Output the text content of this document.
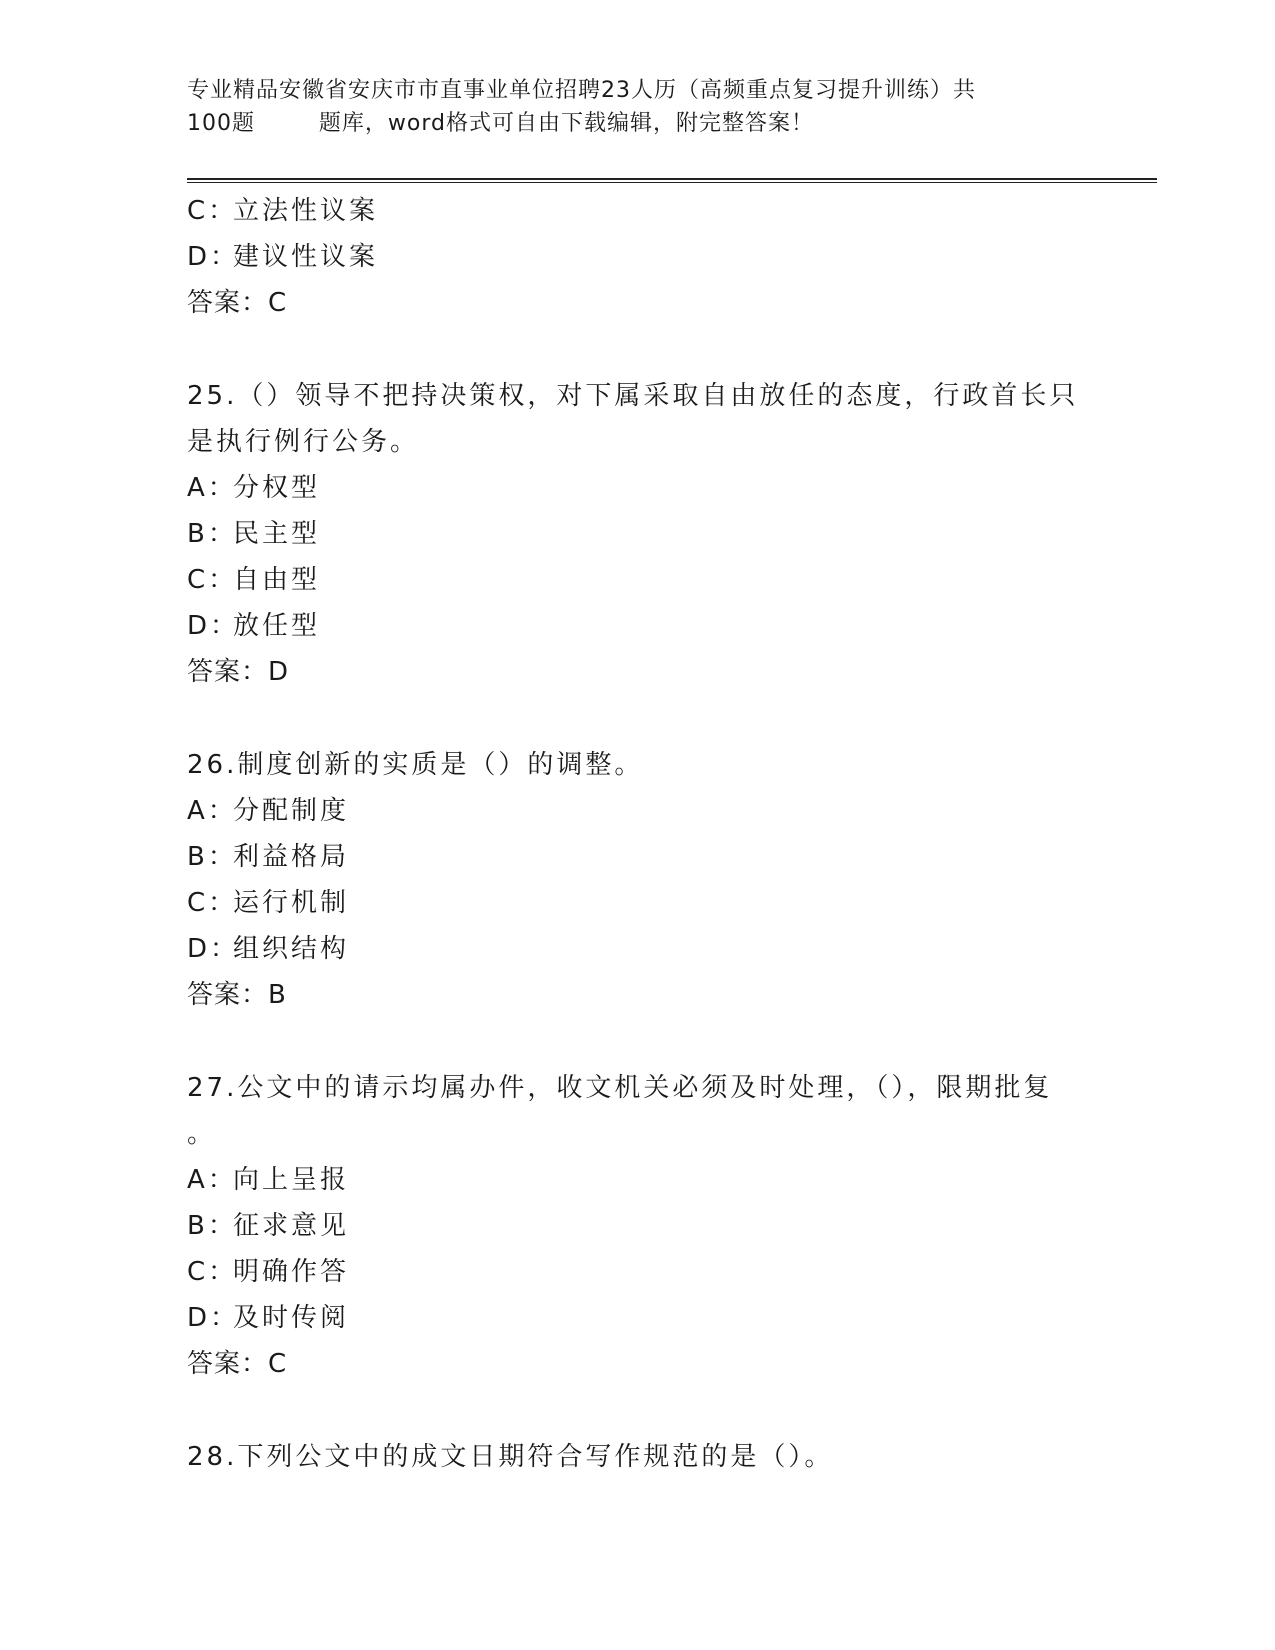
专业精品安徽省安庆市市直事业单位招聘23人历（高频重点复习提升训练）共
100题        题库，word格式可自由下载编辑，附完整答案！
C：立法性议案
D：建议性议案
答案：C
25.（）领导不把持决策权，对下属采取自由放任的态度，行政首长只
是执行例行公务。
A：分权型
B：民主型
C：自由型
D：放任型
答案：D
26.制度创新的实质是（）的调整。
A：分配制度
B：利益格局
C：运行机制
D：组织结构
答案：B
27.公文中的请示均属办件，收文机关必须及时处理，（），限期批复
。
A：向上呈报
B：征求意见
C：明确作答
D：及时传阅
答案：C
28.下列公文中的成文日期符合写作规范的是（）。
